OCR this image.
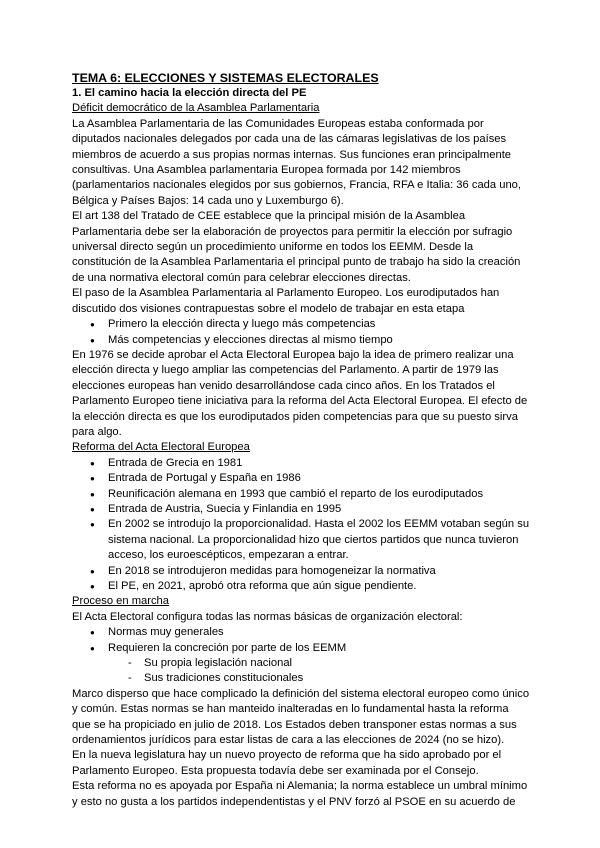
TEMA 6: ELECCIONES Y SISTEMAS ELECTORALES

1. El camino hacia la elección directa del PE

Déficit democrático de la Asamblea Parlamentaria

La Asamblea Parlamentaria de las Comunidades Europeas estaba conformada por diputados nacionales delegados por cada una de las cámaras legislativas de los países miembros de acuerdo a sus propias normas internas. Sus funciones eran principalmente consultivas. Una Asamblea parlamentaria Europea formada por 142 miembros (parlamentarios nacionales elegidos por sus gobiernos, Francia, RFA e Italia: 36 cada uno, Bélgica y Países Bajos: 14 cada uno y Luxemburgo 6).

El art 138 del Tratado de CEE establece que la principal misión de la Asamblea Parlamentaria debe ser la elaboración de proyectos para permitir la elección por sufragio universal directo según un procedimiento uniforme en todos los EEMM. Desde la constitución de la Asamblea Parlamentaria el principal punto de trabajo ha sido la creación de una normativa electoral común para celebrar elecciones directas.

El paso de la Asamblea Parlamentaria al Parlamento Europeo. Los eurodiputados han discutido dos visiones contrapuestas sobre el modelo de trabajar en esta etapa

● Primero la elección directa y luego más competencias
● Más competencias y elecciones directas al mismo tiempo

En 1976 se decide aprobar el Acta Electoral Europea bajo la idea de primero realizar una elección directa y luego ampliar las competencias del Parlamento. A partir de 1979 las elecciones europeas han venido desarrollándose cada cinco años. En los Tratados el Parlamento Europeo tiene iniciativa para la reforma del Acta Electoral Europea. El efecto de la elección directa es que los eurodiputados piden competencias para que su puesto sirva para algo.

Reforma del Acta Electoral Europea

● Entrada de Grecia en 1981
● Entrada de Portugal y España en 1986
● Reunificación alemana en 1993 que cambió el reparto de los eurodiputados
● Entrada de Austria, Suecia y Finlandia en 1995
● En 2002 se introdujo la proporcionalidad. Hasta el 2002 los EEMM votaban según su sistema nacional. La proporcionalidad hizo que ciertos partidos que nunca tuvieron acceso, los euroescépticos, empezaran a entrar.
● En 2018 se introdujeron medidas para homogeneizar la normativa
● El PE, en 2021, aprobó otra reforma que aún sigue pendiente.

Proceso en marcha

El Acta Electoral configura todas las normas básicas de organización electoral:

● Normas muy generales
● Requieren la concreción por parte de los EEMM
- Su propia legislación nacional
- Sus tradiciones constitucionales

Marco disperso que hace complicado la definición del sistema electoral europeo como único y común. Estas normas se han manteido inalteradas en lo fundamental hasta la reforma que se ha propiciado en julio de 2018. Los Estados deben transponer estas normas a sus ordenamientos jurídicos para estar listas de cara a las elecciones de 2024 (no se hizo).

En la nueva legislatura hay un nuevo proyecto de reforma que ha sido aprobado por el Parlamento Europeo. Esta propuesta todavía debe ser examinada por el Consejo.

Esta reforma no es apoyada por España ni Alemania; la norma establece un umbral mínimo y esto no gusta a los partidos independentistas y el PNV forzó al PSOE en su acuerdo de
